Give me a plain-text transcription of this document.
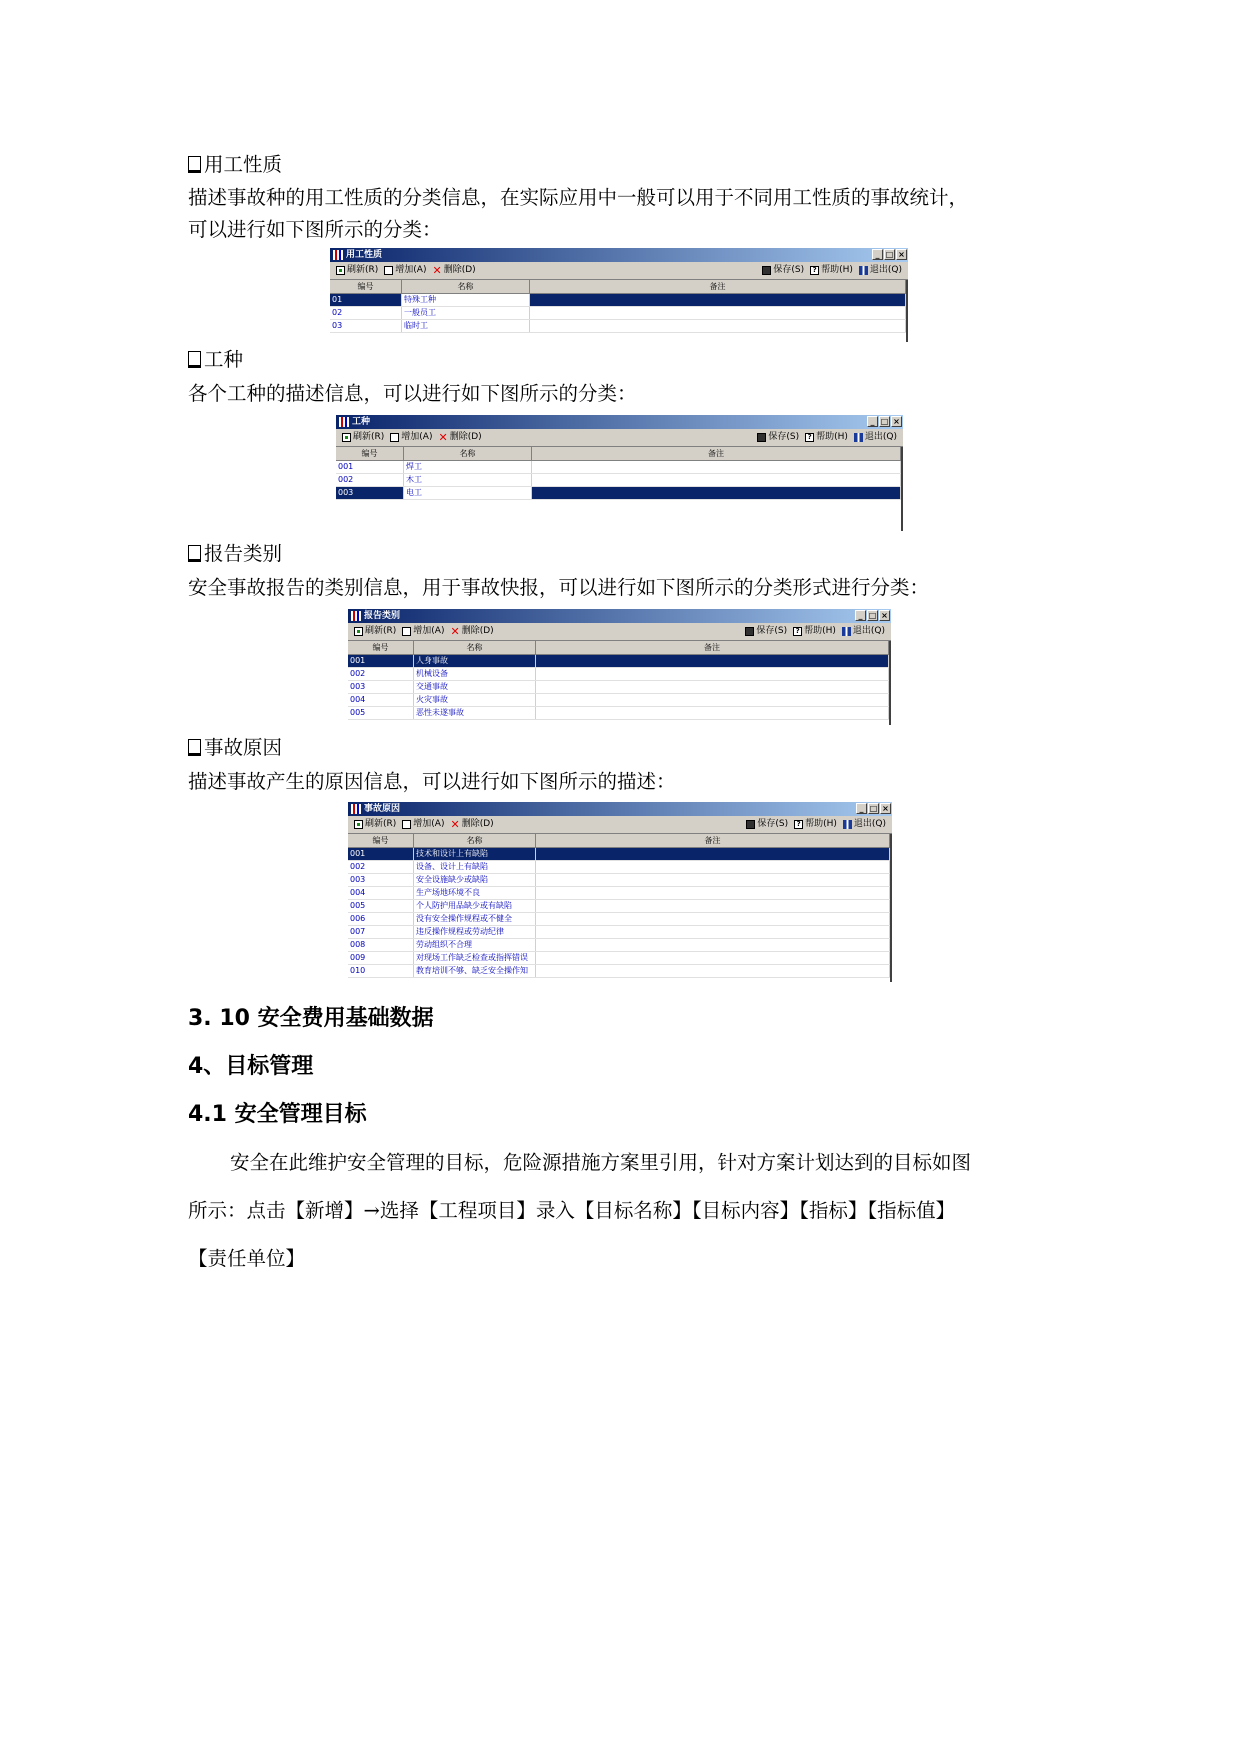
用工性质
描述事故种的用工性质的分类信息，在实际应用中一般可以用于不同用工性质的事故统计，
可以进行如下图所示的分类：
用工性质	_ □ ×
刷新(R) 增加(A) ✕ 删除(D)	保存(S)	? 帮助(H) 退出(Q)
编号	名称	备注
01	特殊工种
02	一般员工
03	临时工
工种
各个工种的描述信息，可以进行如下图所示的分类：
工种	_ □ ×
刷新(R) 增加(A) ✕ 删除(D)	保存(S)	? 帮助(H) 退出(Q)
编号	名称	备注
001	焊工
002	木工
003	电工
报告类别
安全事故报告的类别信息，用于事故快报，可以进行如下图所示的分类形式进行分类：
报告类别	_ □ ×
刷新(R) 增加(A) ✕ 删除(D)	保存(S)	? 帮助(H) 退出(Q)
编号	名称	备注
001	人身事故
002	机械设备
003	交通事故
004	火灾事故
005	恶性未遂事故
事故原因
描述事故产生的原因信息，可以进行如下图所示的描述：
事故原因	_ □ ×
刷新(R) 增加(A) ✕ 删除(D)	保存(S)	? 帮助(H) 退出(Q)
编号	名称	备注
001	技术和设计上有缺陷
002	设备、设计上有缺陷
003	安全设施缺少或缺陷
004	生产场地环境不良
005	个人防护用品缺少或有缺陷
006	没有安全操作规程或不健全
007	违反操作规程或劳动纪律
008	劳动组织不合理
009	对现场工作缺乏检查或指挥错误
010	教育培训不够、缺乏安全操作知
3. 10 安全费用基础数据
4、目标管理
4.1 安全管理目标
安全在此维护安全管理的目标，危险源措施方案里引用，针对方案计划达到的目标如图
所示：点击【新增】→选择【工程项目】录入【目标名称】【目标内容】【指标】【指标值】
【责任单位】
